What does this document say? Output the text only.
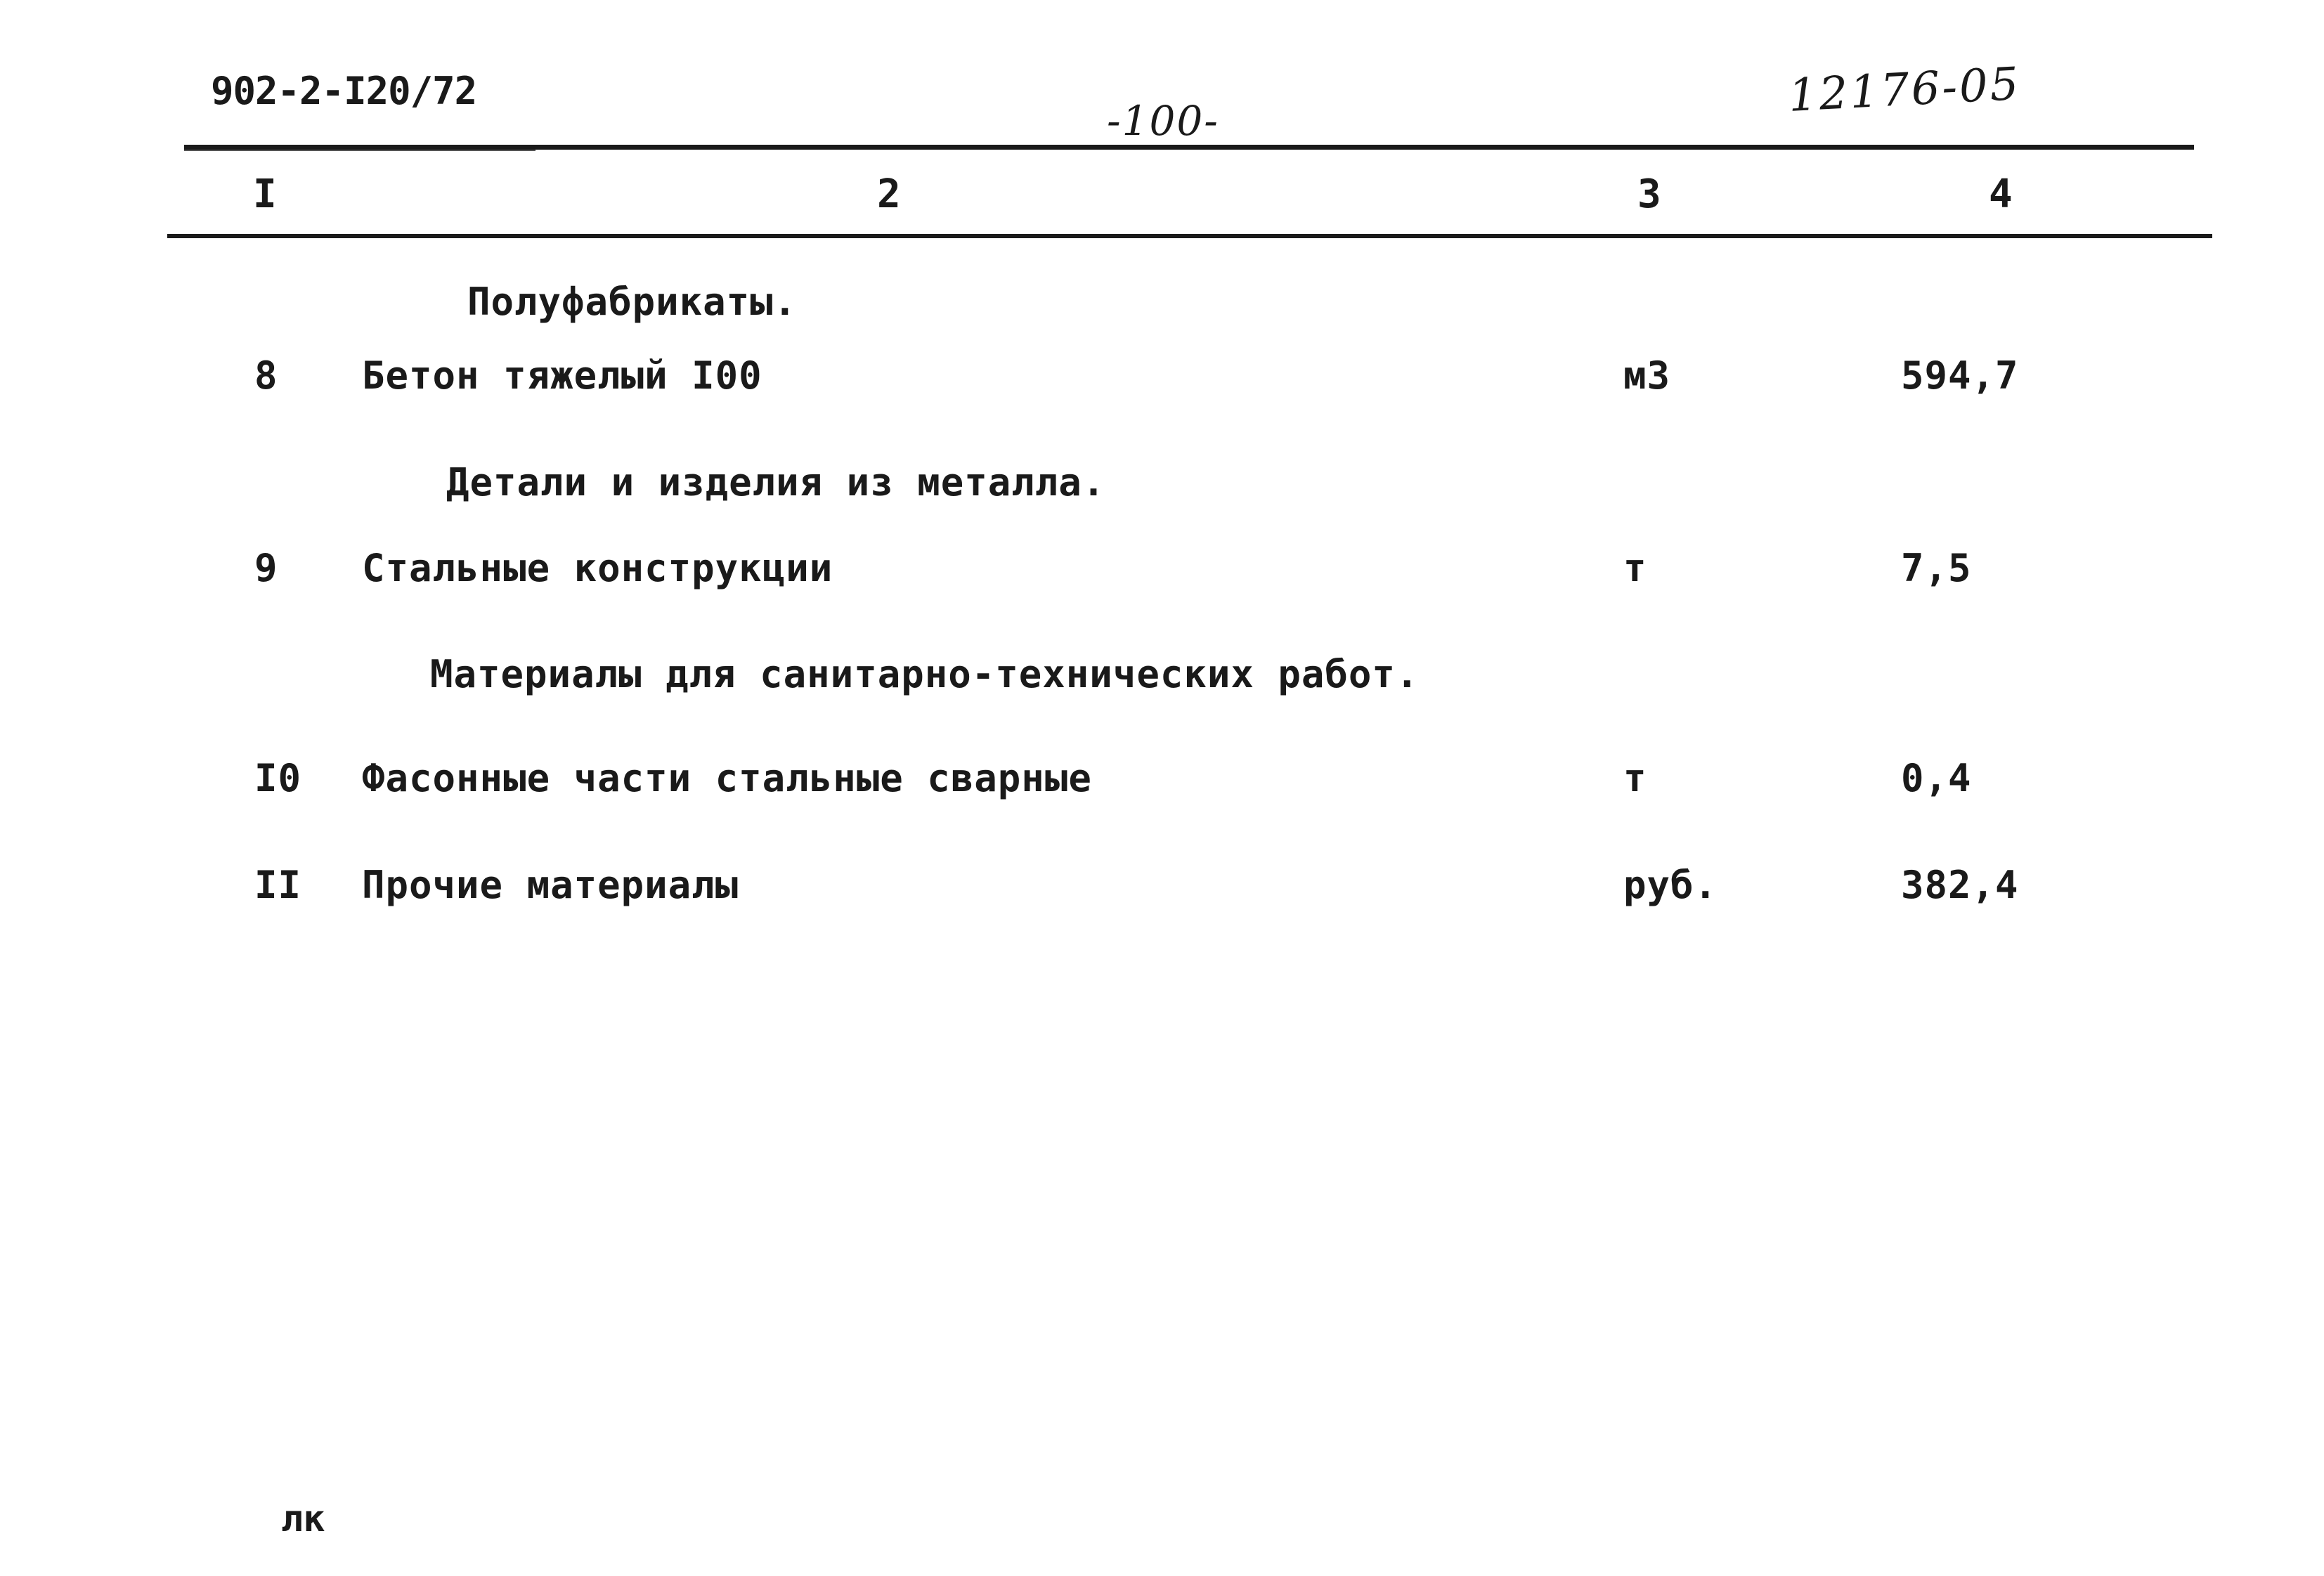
902-2-I20/72
-100-	12176-05
I	2	3	4
Полуфабрикаты.
8 Бетон тяжелый I00	м3	594,7
Детали и изделия из металла.
9 Стальные конструкции	т	7,5
Материалы для санитарно-технических работ.
I0 Фасонные части стальные сварные	т	0,4
II Прочие материалы	руб.	382,4
лк
